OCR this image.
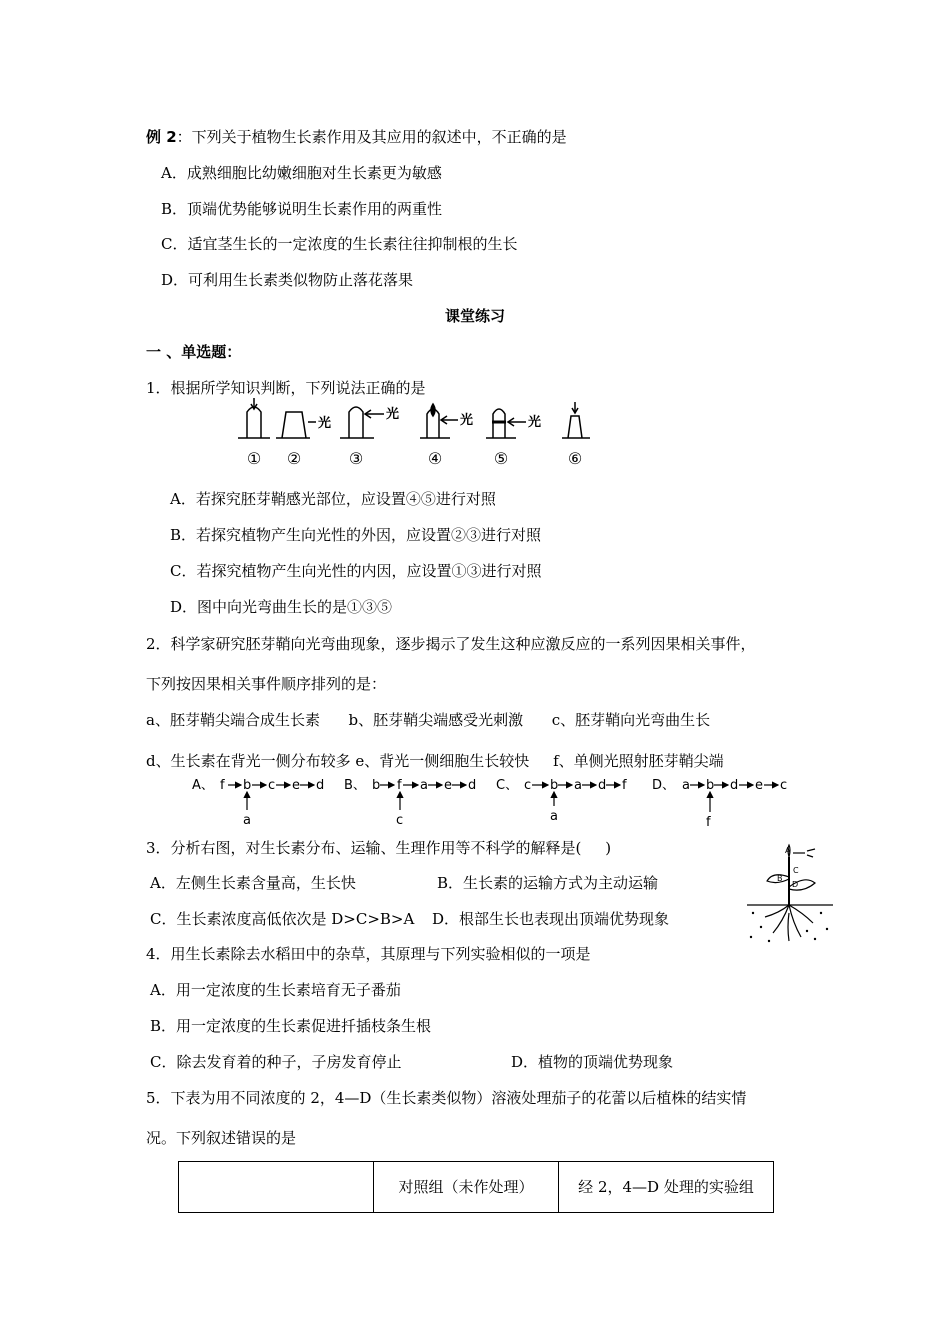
例 2：下列关于植物生长素作用及其应用的叙述中，不正确的是
A．成熟细胞比幼嫩细胞对生长素更为敏感
B．顶端优势能够说明生长素作用的两重性
C．适宜茎生长的一定浓度的生长素往往抑制根的生长
D．可利用生长素类似物防止落花落果
课堂练习
一 、单选题：
1．根据所学知识判断，下列说法正确的是
光
光	光	光
① ②	③	④	⑤	⑥
A．若探究胚芽鞘感光部位，应设置④⑤进行对照
B．若探究植物产生向光性的外因，应设置②③进行对照
C．若探究植物产生向光性的内因，应设置①③进行对照
D．图中向光弯曲生长的是①③⑤
2．科学家研究胚芽鞘向光弯曲现象，逐步揭示了发生这种应激反应的一系列因果相关事件，
下列按因果相关事件顺序排列的是：
a、胚芽鞘尖端合成生长素      b、胚芽鞘尖端感受光刺激      c、胚芽鞘向光弯曲生长
d、生长素在背光一侧分布较多 e、背光一侧细胞生长较快     f、单侧光照射胚芽鞘尖端
A、 f b c e d
a
B、 b f a e d
c
C、 c b a d f
a
D、 a b d e c
f
3．分析右图，对生长素分布、运输、生理作用等不科学的解释是(     )
A．左侧生长素含量高，生长快	B．生长素的运输方式为主动运输
C．生长素浓度高低依次是 D>C>B>A D．根部生长也表现出顶端优势现象
A
B
C
D
4．用生长素除去水稻田中的杂草，其原理与下列实验相似的一项是
A．用一定浓度的生长素培育无子番茄
B．用一定浓度的生长素促进扦插枝条生根
C．除去发育着的种子，子房发育停止	D．植物的顶端优势现象
5．下表为用不同浓度的 2，4—D（生长素类似物）溶液处理茄子的花蕾以后植株的结实情
况。下列叙述错误的是
	对照组（未作处理）	经 2，4—D 处理的实验组
